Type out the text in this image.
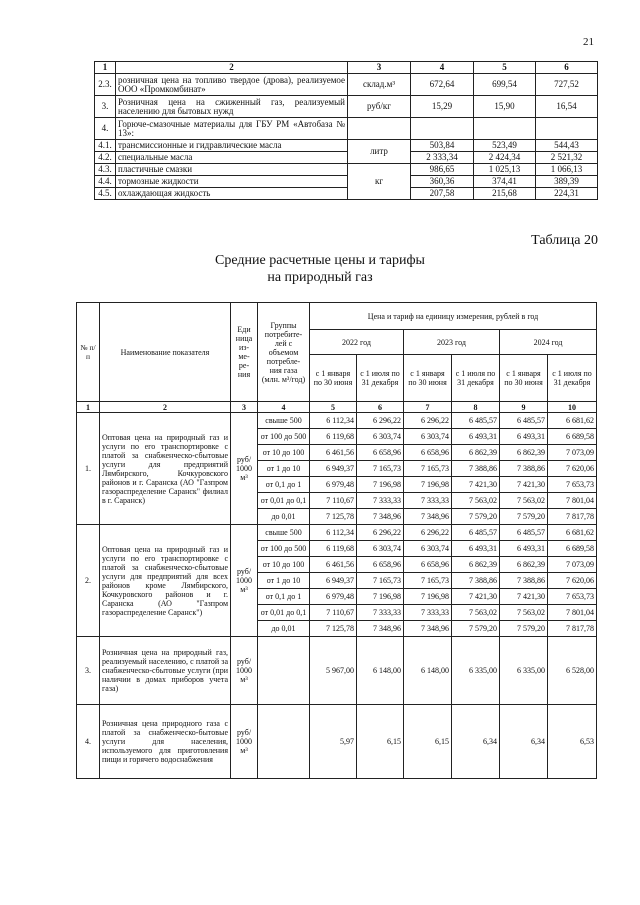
21
1	2	3	4	5	6
2.3.	розничная цена на топливо твердое (дрова), реализуемое ООО «Промкомбинат»	склад.м³	672,64	699,54	727,52
3.	Розничная цена на сжиженный газ, реализуемый населению для бытовых нужд	руб/кг	15,29	15,90	16,54
4.	Горюче-смазочные материалы для ГБУ РМ «Автобаза № 13»:				
4.1.	трансмиссионные и гидравлические масла	литр	503,84	523,49	544,43
4.2.	специальные масла		2 333,34	2 424,34	2 521,32
4.3.	пластичные смазки	кг	986,65	1 025,13	1 066,13
4.4.	тормозные жидкости		360,36	374,41	389,39
4.5.	охлаждающая жидкость		207,58	215,68	224,31
Таблица 20
Средние расчетные цены и тарифы
на природный газ
№ п/п	Наименование показателя	Еди ница из- ме- ре- ния	Группы потребите- лей с объемом потребле- ния газа (млн. м³/год)	Цена и тариф на единицу измерения, рублей в год					
				2022 год		2023 год		2024 год	
				с 1 января по 30 июня	с 1 июля по 31 декабря	с 1 января по 30 июня	с 1 июля по 31 декабря	с 1 января по 30 июня	с 1 июля по 31 декабря
1	2	3	4	5	6	7	8	9	10
1.	Оптовая цена на природный газ и услуги по его транспортировке с платой за снабженческо-сбытовые услуги для предприятий Лямбирского, Кочкуровского районов и г. Саранска (АО "Газпром газораспределение Саранск" филиал в г. Саранск)	руб/ 1000 м³	свыше 500	6 112,34	6 296,22	6 296,22	6 485,57	6 485,57	6 681,62
			от 100 до 500	6 119,68	6 303,74	6 303,74	6 493,31	6 493,31	6 689,58
			от 10 до 100	6 461,56	6 658,96	6 658,96	6 862,39	6 862,39	7 073,09
			от 1 до 10	6 949,37	7 165,73	7 165,73	7 388,86	7 388,86	7 620,06
			от 0,1 до 1	6 979,48	7 196,98	7 196,98	7 421,30	7 421,30	7 653,73
			от 0,01 до 0,1	7 110,67	7 333,33	7 333,33	7 563,02	7 563,02	7 801,04
			до 0,01	7 125,78	7 348,96	7 348,96	7 579,20	7 579,20	7 817,78
2.	Оптовая цена на природный газ и услуги по его транспортировке с платой за снабженческо-сбытовые услуги для предприятий для всех районов кроме Лямбирского, Кочкуровского районов и г. Саранска (АО "Газпром газораспределение Саранск")	руб/ 1000 м³	свыше 500	6 112,34	6 296,22	6 296,22	6 485,57	6 485,57	6 681,62
			от 100 до 500	6 119,68	6 303,74	6 303,74	6 493,31	6 493,31	6 689,58
			от 10 до 100	6 461,56	6 658,96	6 658,96	6 862,39	6 862,39	7 073,09
			от 1 до 10	6 949,37	7 165,73	7 165,73	7 388,86	7 388,86	7 620,06
			от 0,1 до 1	6 979,48	7 196,98	7 196,98	7 421,30	7 421,30	7 653,73
			от 0,01 до 0,1	7 110,67	7 333,33	7 333,33	7 563,02	7 563,02	7 801,04
			до 0,01	7 125,78	7 348,96	7 348,96	7 579,20	7 579,20	7 817,78
3.	Розничная цена на природный газ, реализуемый населению, с платой за снабженческо-сбытовые услуги (при наличии в домах приборов учета газа)	руб/ 1000 м³		5 967,00	6 148,00	6 148,00	6 335,00	6 335,00	6 528,00
4.	Розничная цена природного газа с платой за снабженческо-бытовые услуги для населения, используемого для приготовления пищи и горячего водоснабжения	руб/ 1000 м³		5,97	6,15	6,15	6,34	6,34	6,53
